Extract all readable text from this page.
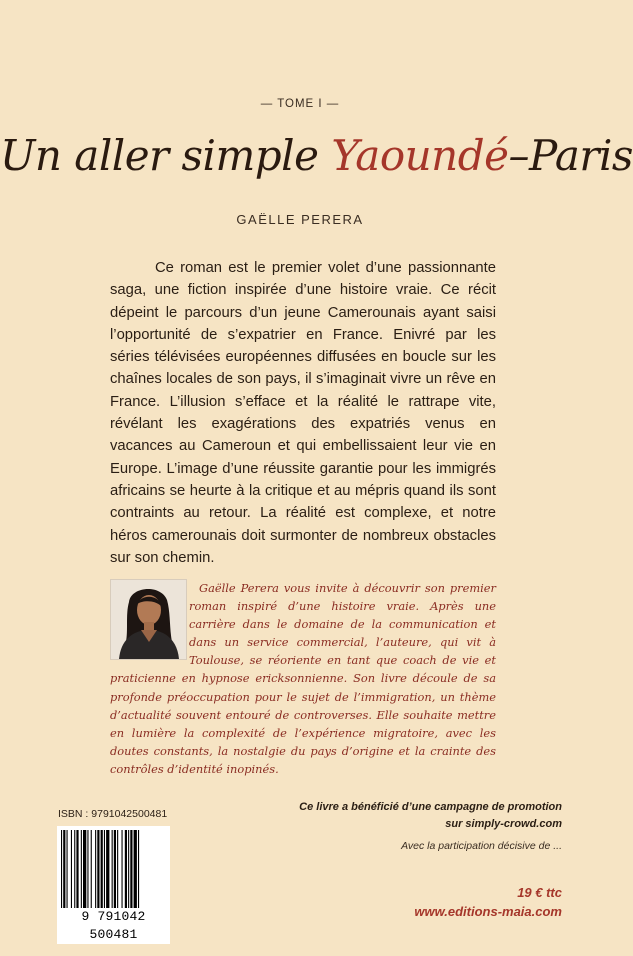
— TOME I —
Un aller simple Yaoundé–Paris
GAËLLE PERERA

Ce roman est le premier volet d’une passionnante saga, une fiction inspirée d’une histoire vraie. Ce récit dépeint le parcours d’un jeune Camerounais ayant saisi l’opportunité de s’expatrier en France. Enivré par les séries télévisées européennes diffusées en boucle sur les chaînes locales de son pays, il s’imaginait vivre un rêve en France. L’illusion s’efface et la réalité le rattrape vite, révélant les exagérations des expatriés venus en vacances au Cameroun et qui embellissaient leur vie en Europe. L’image d’une réussite garantie pour les immigrés africains se heurte à la critique et au mépris quand ils sont contraints au retour. La réalité est complexe, et notre héros camerounais doit surmonter de nombreux obstacles sur son chemin.

Gaëlle Perera vous invite à découvrir son premier roman inspiré d’une histoire vraie. Après une carrière dans le domaine de la communication et dans un service commercial, l’auteure, qui vit à Toulouse, se réoriente en tant que coach de vie et praticienne en hypnose ericksonnienne. Son livre découle de sa profonde préoccupation pour le sujet de l’immigration, un thème d’actualité souvent entouré de controverses. Elle souhaite mettre en lumière la complexité de l’expérience migratoire, avec les doutes constants, la nostalgie du pays d’origine et la crainte des contrôles d’identité inopinés.

ISBN : 9791042500481
9 791042 500481
Ce livre a bénéficié d’une campagne de promotion
sur simply-crowd.com
Avec la participation décisive de ...
19 € ttc
www.editions-maia.com
